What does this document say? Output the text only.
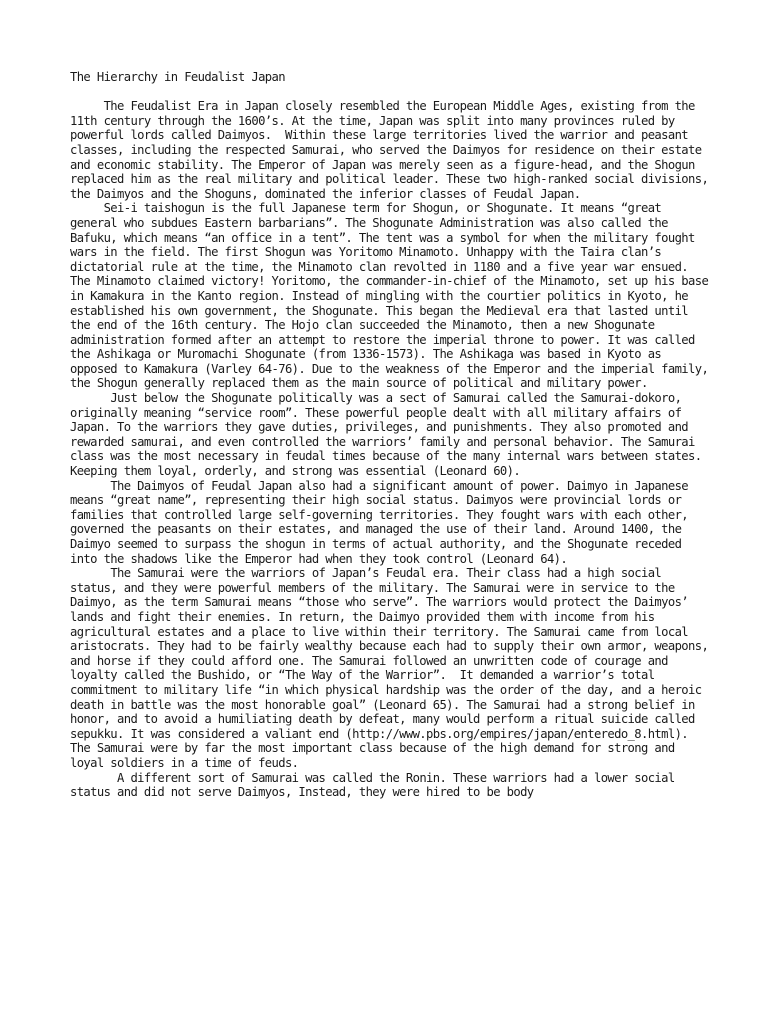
The Hierarchy in Feudalist Japan
The Feudalist Era in Japan closely resembled the European Middle Ages, existing from the 11th century through the 1600’s. At the time, Japan was split into many provinces ruled by powerful lords called Daimyos.  Within these large territories lived the warrior and peasant classes, including the respected Samurai, who served the Daimyos for residence on their estate and economic stability. The Emperor of Japan was merely seen as a figure-head, and the Shogun replaced him as the real military and political leader. These two high-ranked social divisions, the Daimyos and the Shoguns, dominated the inferior classes of Feudal Japan.
Sei-i taishogun is the full Japanese term for Shogun, or Shogunate. It means “great general who subdues Eastern barbarians”. The Shogunate Administration was also called the Bafuku, which means “an office in a tent”. The tent was a symbol for when the military fought wars in the field. The first Shogun was Yoritomo Minamoto. Unhappy with the Taira clan’s dictatorial rule at the time, the Minamoto clan revolted in 1180 and a five year war ensued. The Minamoto claimed victory! Yoritomo, the commander-in-chief of the Minamoto, set up his base in Kamakura in the Kanto region. Instead of mingling with the courtier politics in Kyoto, he established his own government, the Shogunate. This began the Medieval era that lasted until the end of the 16th century. The Hojo clan succeeded the Minamoto, then a new Shogunate administration formed after an attempt to restore the imperial throne to power. It was called the Ashikaga or Muromachi Shogunate (from 1336-1573). The Ashikaga was based in Kyoto as opposed to Kamakura (Varley 64-76). Due to the weakness of the Emperor and the imperial family, the Shogun generally replaced them as the main source of political and military power.
Just below the Shogunate politically was a sect of Samurai called the Samurai-dokoro, originally meaning “service room”. These powerful people dealt with all military affairs of Japan. To the warriors they gave duties, privileges, and punishments. They also promoted and rewarded samurai, and even controlled the warriors’ family and personal behavior. The Samurai class was the most necessary in feudal times because of the many internal wars between states. Keeping them loyal, orderly, and strong was essential (Leonard 60).
The Daimyos of Feudal Japan also had a significant amount of power. Daimyo in Japanese means “great name”, representing their high social status. Daimyos were provincial lords or families that controlled large self-governing territories. They fought wars with each other, governed the peasants on their estates, and managed the use of their land. Around 1400, the Daimyo seemed to surpass the shogun in terms of actual authority, and the Shogunate receded into the shadows like the Emperor had when they took control (Leonard 64).
The Samurai were the warriors of Japan’s Feudal era. Their class had a high social status, and they were powerful members of the military. The Samurai were in service to the Daimyo, as the term Samurai means “those who serve”. The warriors would protect the Daimyos’ lands and fight their enemies. In return, the Daimyo provided them with income from his agricultural estates and a place to live within their territory. The Samurai came from local aristocrats. They had to be fairly wealthy because each had to supply their own armor, weapons, and horse if they could afford one. The Samurai followed an unwritten code of courage and loyalty called the Bushido, or “The Way of the Warrior”.  It demanded a warrior’s total commitment to military life “in which physical hardship was the order of the day, and a heroic death in battle was the most honorable goal” (Leonard 65). The Samurai had a strong belief in honor, and to avoid a humiliating death by defeat, many would perform a ritual suicide called sepukku. It was considered a valiant end (http://www.pbs.org/empires/japan/enteredo_8.html). The Samurai were by far the most important class because of the high demand for strong and loyal soldiers in a time of feuds.
A different sort of Samurai was called the Ronin. These warriors had a lower social status and did not serve Daimyos, Instead, they were hired to be body
